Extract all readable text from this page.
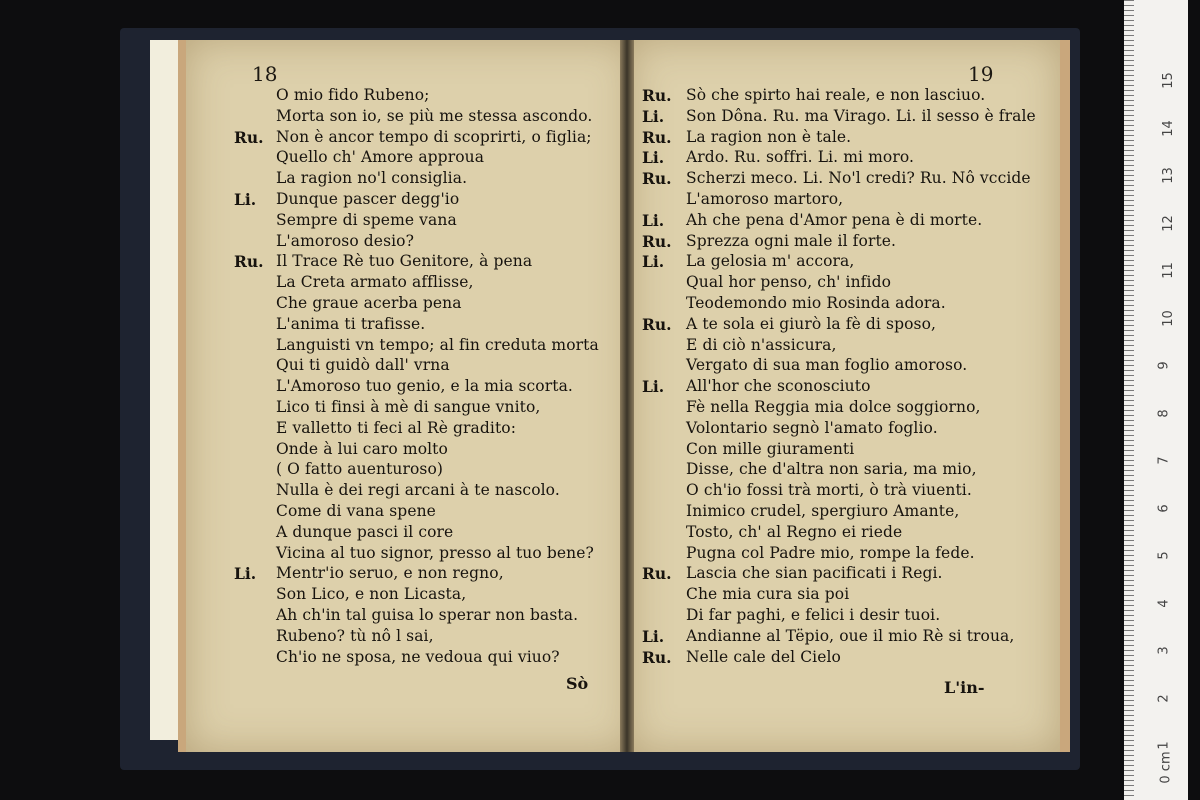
18	19
O mio fido Rubeno;
Morta son io, se più me stessa ascondo.
Ru. Non è ancor tempo di scoprirti, o figlia;
Quello ch' Amore approua
La ragion no'l consiglia.
Li. Dunque pascer degg'io
Sempre di speme vana
L'amoroso desio?
Ru. Il Trace Rè tuo Genitore, à pena
La Creta armato afflisse,
Che graue acerba pena
L'anima ti trafisse.
Languisti vn tempo; al fin creduta morta
Qui ti guidò dall' vrna
L'Amoroso tuo genio, e la mia scorta.
Lico ti finsi à mè di sangue vnito,
E valletto ti feci al Rè gradito:
Onde à lui caro molto
( O fatto auenturoso)
Nulla è dei regi arcani à te nascolo.
Come di vana spene
A dunque pasci il core
Vicina al tuo signor, presso al tuo bene?
Li. Mentr'io seruo, e non regno,
Son Lico, e non Licasta,
Ah ch'in tal guisa lo sperar non basta.
Rubeno? tù nô l sai,
Ch'io ne sposa, ne vedoua qui viuo?
Ru. Sò che spirto hai reale, e non lasciuo.
Li. Son Dôna. Ru. ma Virago. Li. il sesso è frale
Ru. La ragion non è tale.
Li. Ardo. Ru. soffri. Li. mi moro.
Ru. Scherzi meco. Li. No'l credi? Ru. Nô vccide
L'amoroso martoro,
Li. Ah che pena d'Amor pena è di morte.
Ru. Sprezza ogni male il forte.
Li. La gelosia m' accora,
Qual hor penso, ch' infido
Teodemondo mio Rosinda adora.
Ru. A te sola ei giurò la fè di sposo,
E di ciò n'assicura,
Vergato di sua man foglio amoroso.
Li. All'hor che sconosciuto
Fè nella Reggia mia dolce soggiorno,
Volontario segnò l'amato foglio.
Con mille giuramenti
Disse, che d'altra non saria, ma mio,
O ch'io fossi trà morti, ò trà viuenti.
Inimico crudel, spergiuro Amante,
Tosto, ch' al Regno ei riede
Pugna col Padre mio, rompe la fede.
Ru. Lascia che sian pacificati i Regi.
Che mia cura sia poi
Di far paghi, e felici i desir tuoi.
Li. Andianne al Tëpio, oue il mio Rè si troua,
Ru. Nelle cale del Cielo
Sò	L'in-
0 cm
1
2
3
4
5
6
7
8
9
10
11
12
13
14
15
